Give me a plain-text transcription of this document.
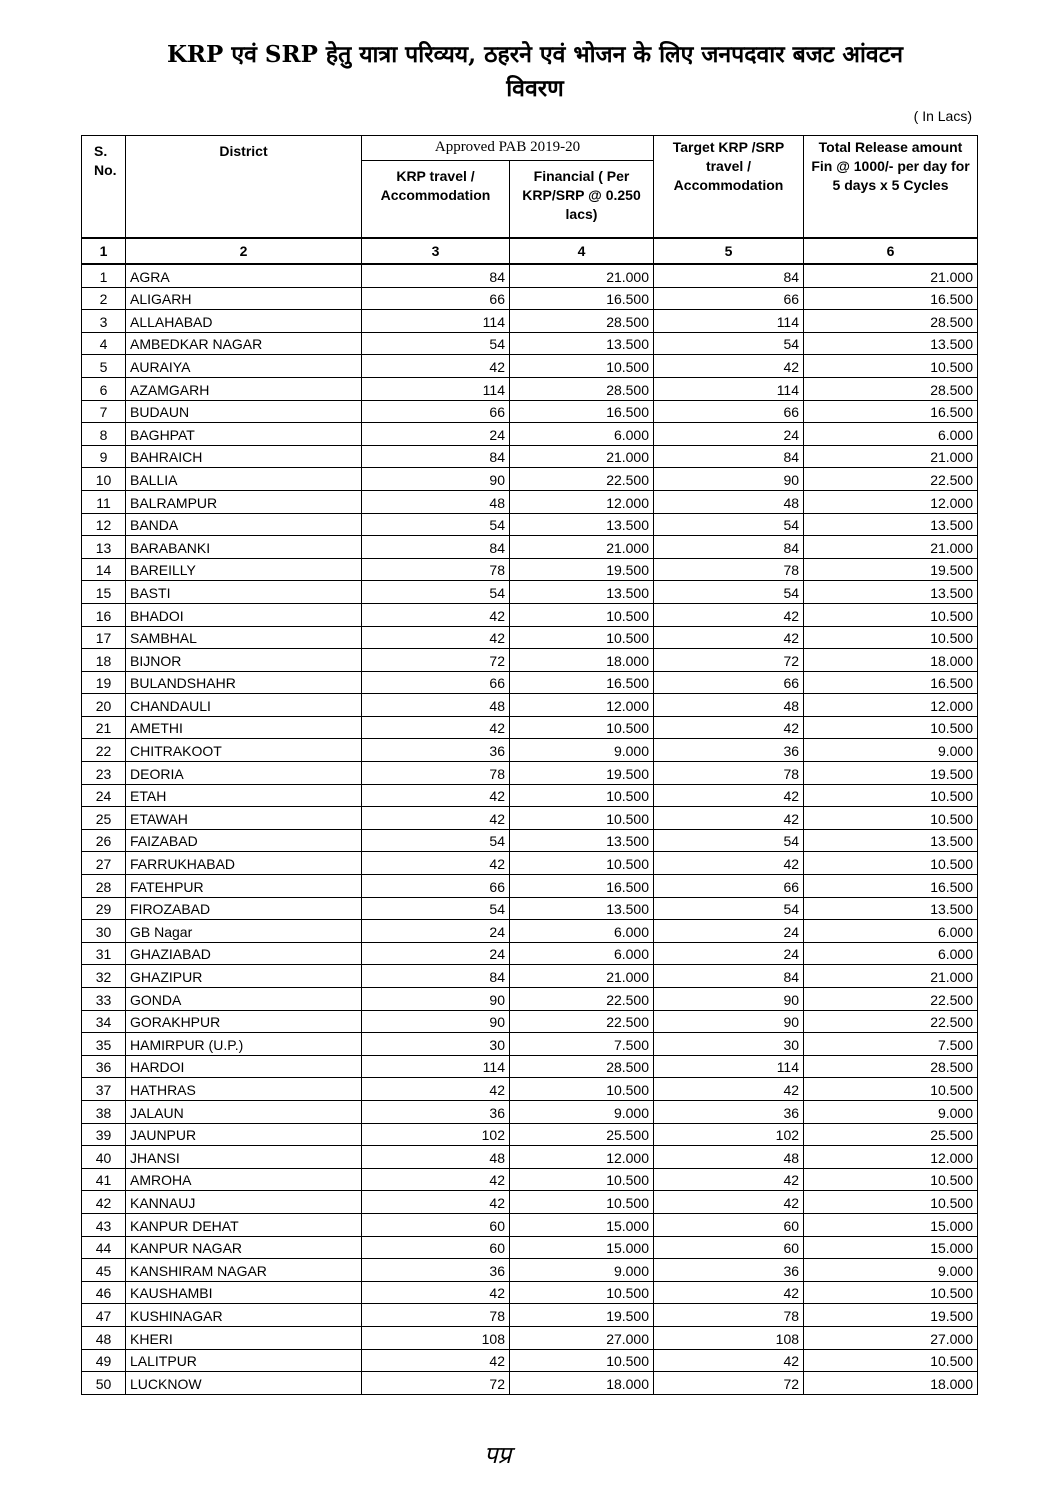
KRP एवं SRP हेतु यात्रा परिव्यय, ठहरने एवं भोजन के लिए जनपदवार बजट आंवटन
विवरण
( In Lacs)
S. No.	District	Approved PAB 2019-20		Target KRP /SRP travel / Accommodation	Total Release amount Fin @ 1000/- per day for 5 days x 5 Cycles
		KRP travel / Accommodation	Financial ( Per KRP/SRP @ 0.250 lacs)		
1	2	3	4	5	6
1	AGRA	84	21.000	84	21.000
2	ALIGARH	66	16.500	66	16.500
3	ALLAHABAD	114	28.500	114	28.500
4	AMBEDKAR NAGAR	54	13.500	54	13.500
5	AURAIYA	42	10.500	42	10.500
6	AZAMGARH	114	28.500	114	28.500
7	BUDAUN	66	16.500	66	16.500
8	BAGHPAT	24	6.000	24	6.000
9	BAHRAICH	84	21.000	84	21.000
10	BALLIA	90	22.500	90	22.500
11	BALRAMPUR	48	12.000	48	12.000
12	BANDA	54	13.500	54	13.500
13	BARABANKI	84	21.000	84	21.000
14	BAREILLY	78	19.500	78	19.500
15	BASTI	54	13.500	54	13.500
16	BHADOI	42	10.500	42	10.500
17	SAMBHAL	42	10.500	42	10.500
18	BIJNOR	72	18.000	72	18.000
19	BULANDSHAHR	66	16.500	66	16.500
20	CHANDAULI	48	12.000	48	12.000
21	AMETHI	42	10.500	42	10.500
22	CHITRAKOOT	36	9.000	36	9.000
23	DEORIA	78	19.500	78	19.500
24	ETAH	42	10.500	42	10.500
25	ETAWAH	42	10.500	42	10.500
26	FAIZABAD	54	13.500	54	13.500
27	FARRUKHABAD	42	10.500	42	10.500
28	FATEHPUR	66	16.500	66	16.500
29	FIROZABAD	54	13.500	54	13.500
30	GB Nagar	24	6.000	24	6.000
31	GHAZIABAD	24	6.000	24	6.000
32	GHAZIPUR	84	21.000	84	21.000
33	GONDA	90	22.500	90	22.500
34	GORAKHPUR	90	22.500	90	22.500
35	HAMIRPUR (U.P.)	30	7.500	30	7.500
36	HARDOI	114	28.500	114	28.500
37	HATHRAS	42	10.500	42	10.500
38	JALAUN	36	9.000	36	9.000
39	JAUNPUR	102	25.500	102	25.500
40	JHANSI	48	12.000	48	12.000
41	AMROHA	42	10.500	42	10.500
42	KANNAUJ	42	10.500	42	10.500
43	KANPUR DEHAT	60	15.000	60	15.000
44	KANPUR NAGAR	60	15.000	60	15.000
45	KANSHIRAM NAGAR	36	9.000	36	9.000
46	KAUSHAMBI	42	10.500	42	10.500
47	KUSHINAGAR	78	19.500	78	19.500
48	KHERI	108	27.000	108	27.000
49	LALITPUR	42	10.500	42	10.500
50	LUCKNOW	72	18.000	72	18.000
पप्र
